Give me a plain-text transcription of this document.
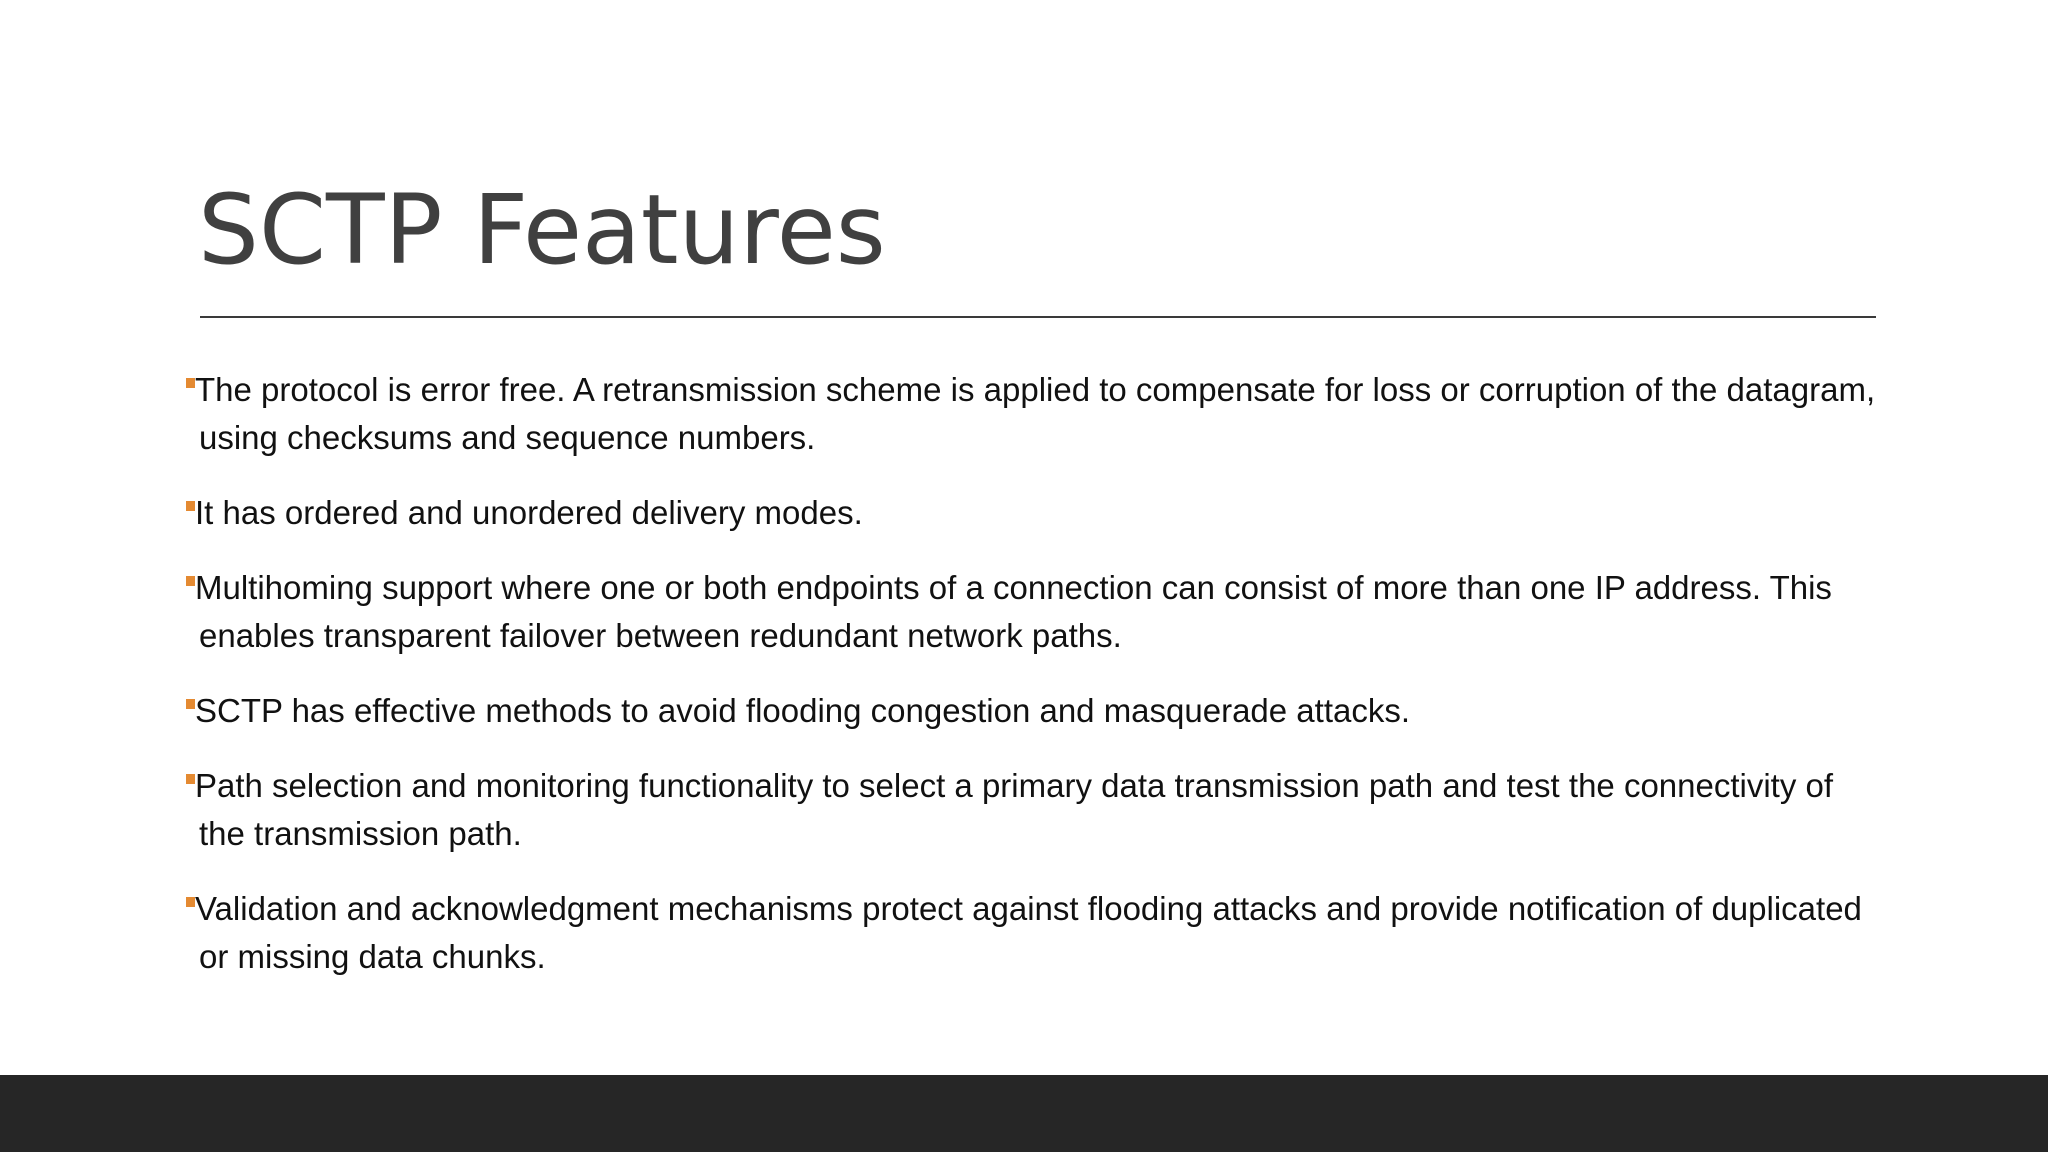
SCTP Features
The protocol is error free. A retransmission scheme is applied to compensate for loss or corruption of the datagram, using checksums and sequence numbers.
It has ordered and unordered delivery modes.
Multihoming support where one or both endpoints of a connection can consist of more than one IP address. This enables transparent failover between redundant network paths.
SCTP has effective methods to avoid flooding congestion and masquerade attacks.
Path selection and monitoring functionality to select a primary data transmission path and test the connectivity of the transmission path.
Validation and acknowledgment mechanisms protect against flooding attacks and provide notification of duplicated or missing data chunks.
